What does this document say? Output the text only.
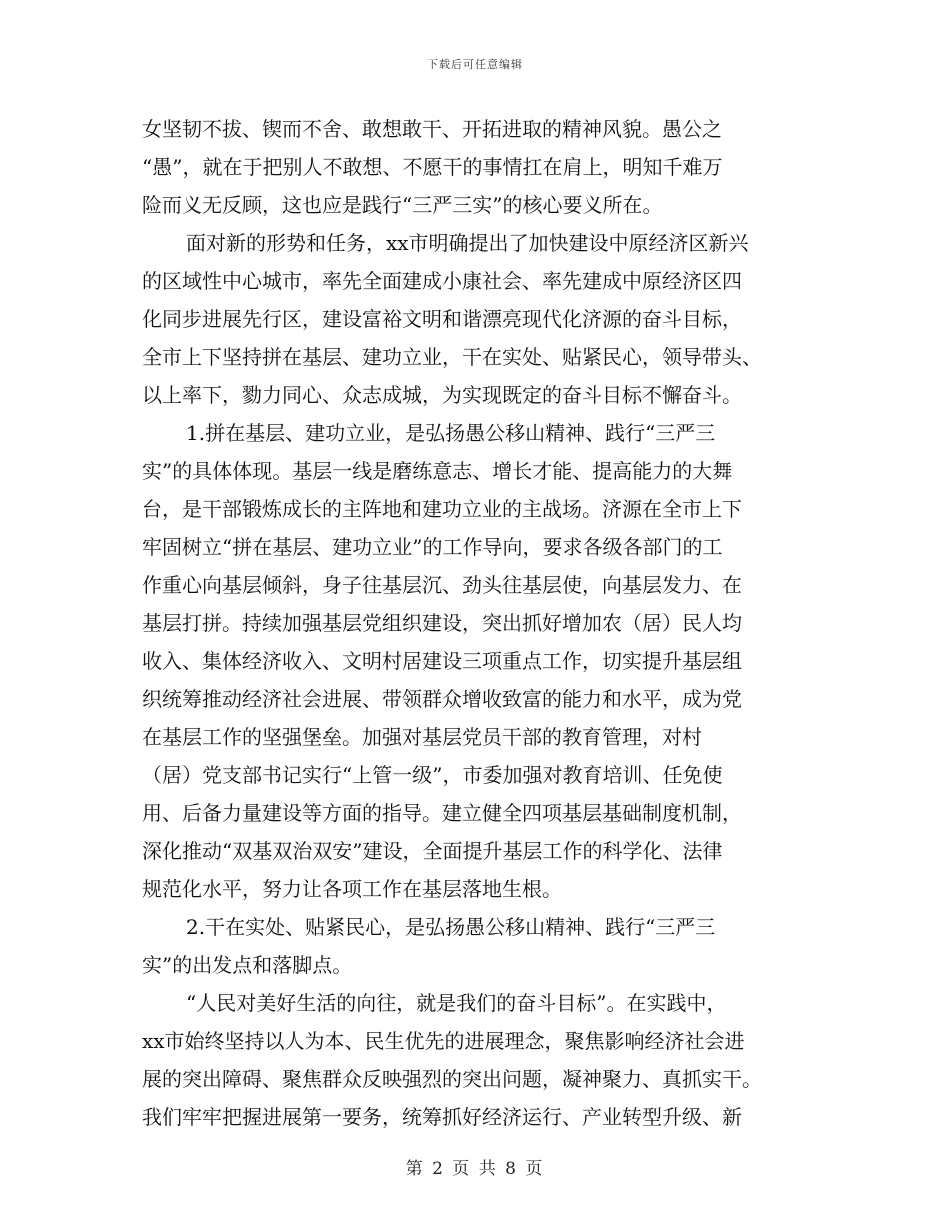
下载后可任意编辑
女坚韧不拔、锲而不舍、敢想敢干、开拓进取的精神风貌。愚公之
“愚”，就在于把别人不敢想、不愿干的事情扛在肩上，明知千难万
险而义无反顾，这也应是践行“三严三实”的核心要义所在。
面对新的形势和任务，xx市明确提出了加快建设中原经济区新兴
的区域性中心城市，率先全面建成小康社会、率先建成中原经济区四
化同步进展先行区，建设富裕文明和谐漂亮现代化济源的奋斗目标，
全市上下坚持拼在基层、建功立业，干在实处、贴紧民心，领导带头、
以上率下，勠力同心、众志成城，为实现既定的奋斗目标不懈奋斗。
1.拼在基层、建功立业，是弘扬愚公移山精神、践行“三严三
实”的具体体现。基层一线是磨练意志、增长才能、提高能力的大舞
台，是干部锻炼成长的主阵地和建功立业的主战场。济源在全市上下
牢固树立“拼在基层、建功立业”的工作导向，要求各级各部门的工
作重心向基层倾斜，身子往基层沉、劲头往基层使，向基层发力、在
基层打拼。持续加强基层党组织建设，突出抓好增加农（居）民人均
收入、集体经济收入、文明村居建设三项重点工作，切实提升基层组
织统筹推动经济社会进展、带领群众增收致富的能力和水平，成为党
在基层工作的坚强堡垒。加强对基层党员干部的教育管理，对村
（居）党支部书记实行“上管一级”，市委加强对教育培训、任免使
用、后备力量建设等方面的指导。建立健全四项基层基础制度机制，
深化推动“双基双治双安”建设，全面提升基层工作的科学化、法律
规范化水平，努力让各项工作在基层落地生根。
2.干在实处、贴紧民心，是弘扬愚公移山精神、践行“三严三
实”的出发点和落脚点。
“人民对美好生活的向往，就是我们的奋斗目标”。在实践中，
xx市始终坚持以人为本、民生优先的进展理念，聚焦影响经济社会进
展的突出障碍、聚焦群众反映强烈的突出问题，凝神聚力、真抓实干。
我们牢牢把握进展第一要务，统筹抓好经济运行、产业转型升级、新
第 2 页 共 8 页
